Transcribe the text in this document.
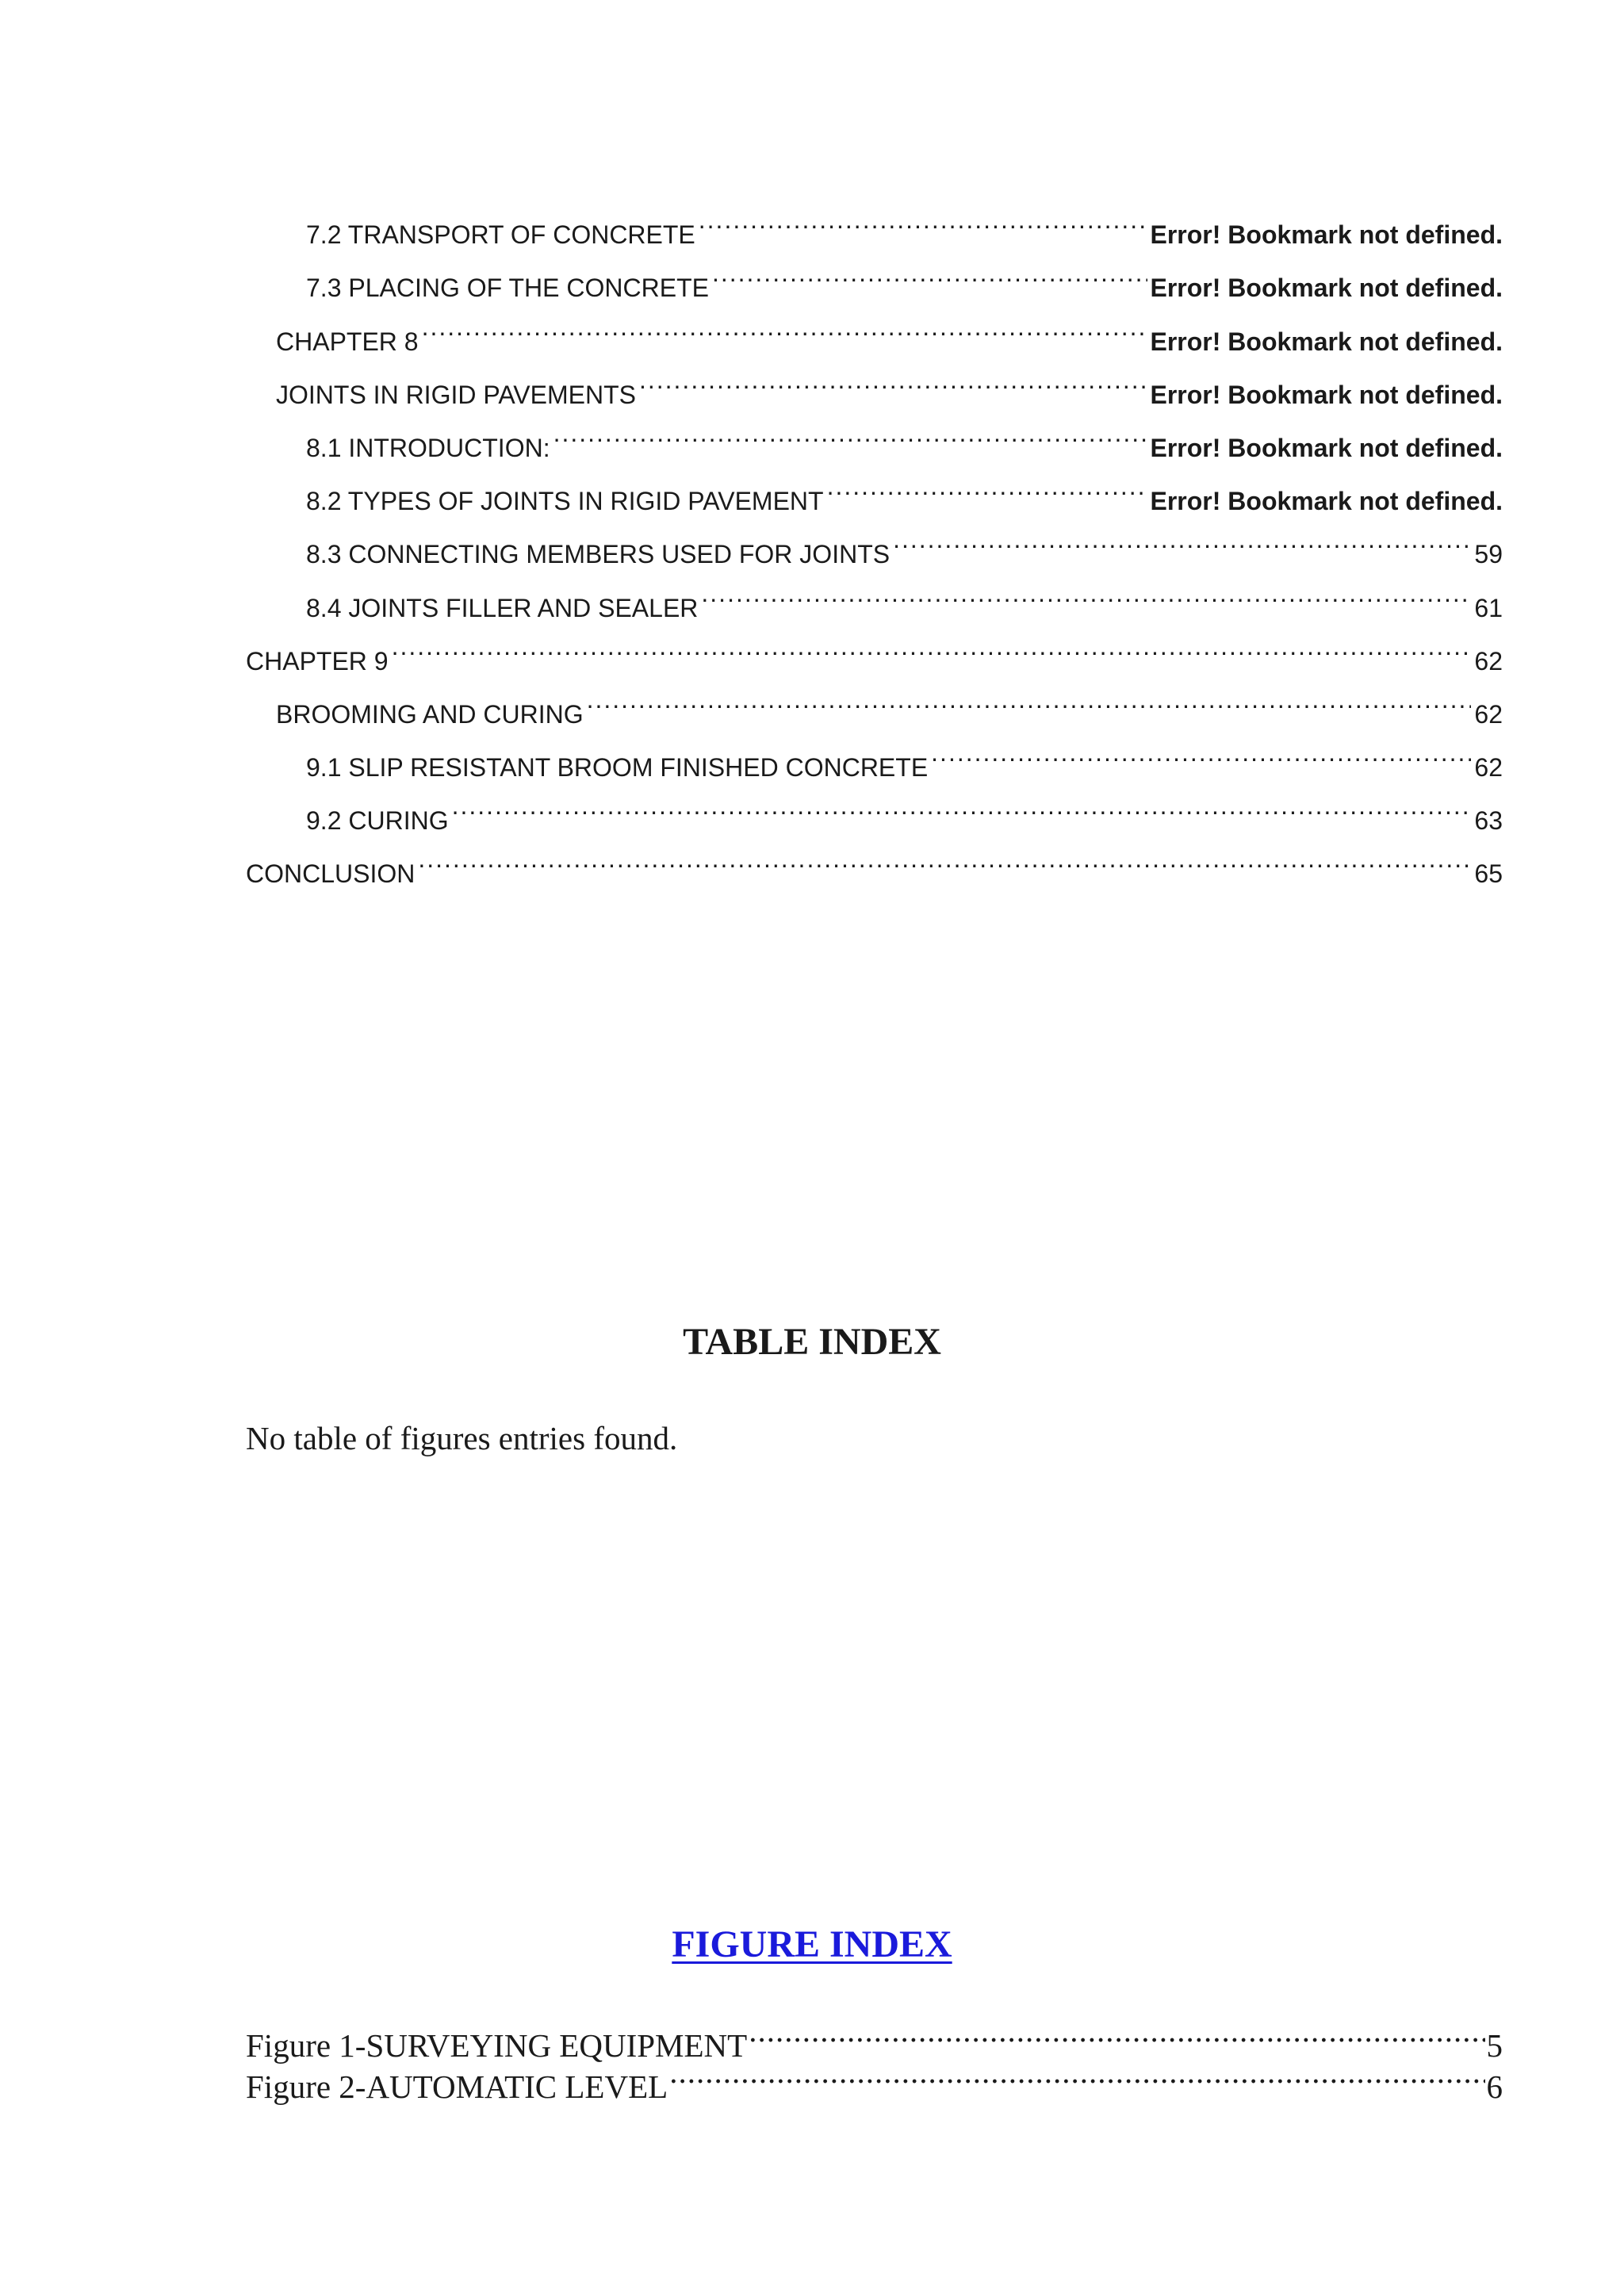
7.2 TRANSPORT OF CONCRETE .....	Error! Bookmark not defined.
7.3 PLACING OF THE CONCRETE .....	Error! Bookmark not defined.
CHAPTER 8 .....	Error! Bookmark not defined.
JOINTS IN RIGID PAVEMENTS .....	Error! Bookmark not defined.
8.1 INTRODUCTION: .....	Error! Bookmark not defined.
8.2 TYPES OF JOINTS IN RIGID PAVEMENT .....	Error! Bookmark not defined.
8.3 CONNECTING MEMBERS USED FOR JOINTS .....	59
8.4 JOINTS FILLER AND SEALER .....	61
CHAPTER 9 .....	62
BROOMING AND CURING .....	62
9.1 SLIP RESISTANT BROOM FINISHED CONCRETE .....	62
9.2 CURING .....	63
CONCLUSION .....	65
TABLE INDEX
No table of figures entries found.
FIGURE INDEX
Figure 1-SURVEYING EQUIPMENT .....	5
Figure 2-AUTOMATIC LEVEL .....	6
